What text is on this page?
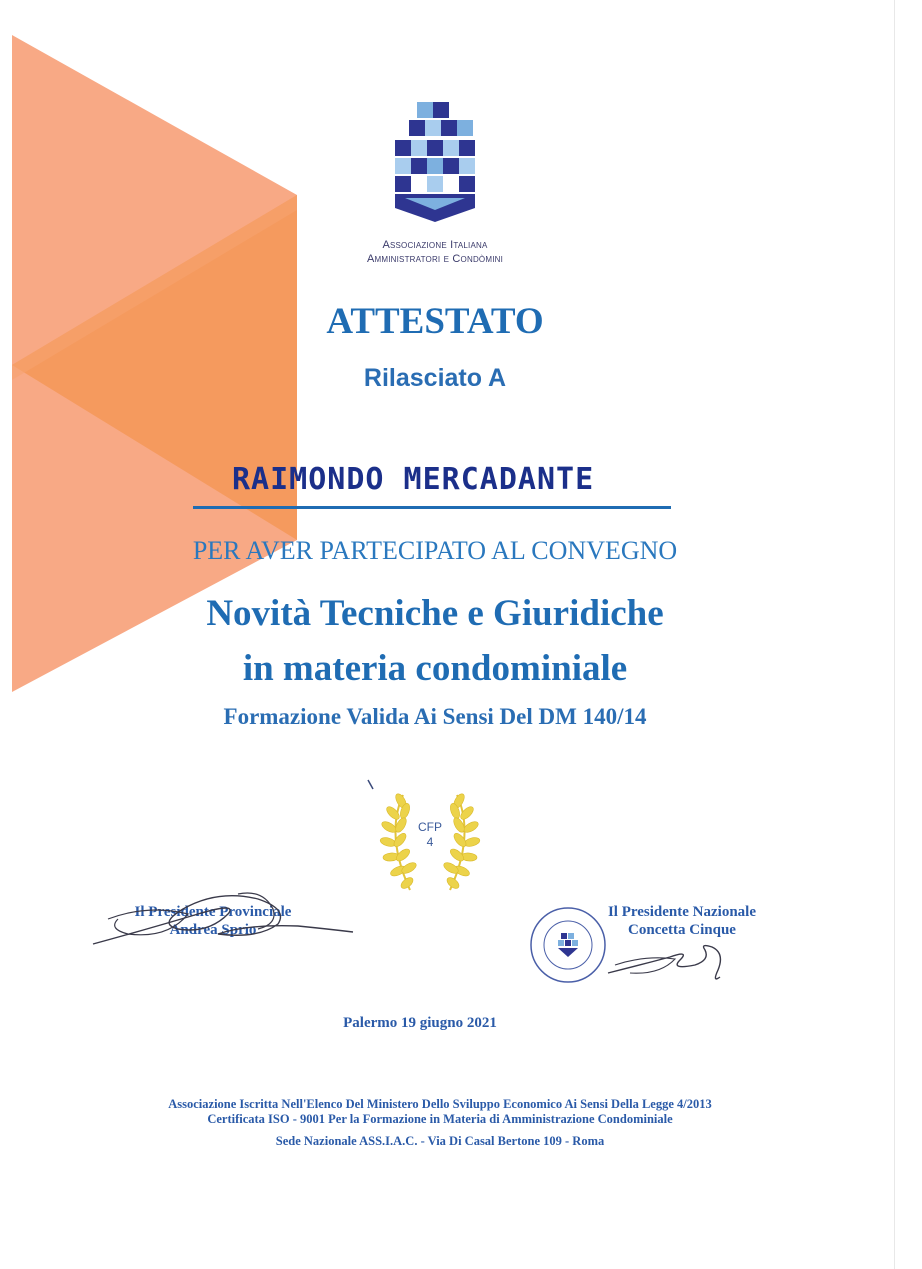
Associazione Italiana
Amministratori e Condòmini
ATTESTATO
Rilasciato A
RAIMONDO MERCADANTE
PER AVER PARTECIPATO AL CONVEGNO
Novità Tecniche e Giuridiche
in materia condominiale
Formazione Valida Ai Sensi Del DM 140/14
CFP
4
Il Presidente Provinciale
Andrea Sprio
Il Presidente Nazionale
Concetta Cinque
Palermo 19 giugno 2021
Associazione Iscritta Nell'Elenco Del Ministero Dello Sviluppo Economico Ai Sensi Della Legge 4/2013
Certificata ISO - 9001 Per la Formazione in Materia di Amministrazione Condominiale
Sede Nazionale ASS.I.A.C. - Via Di Casal Bertone 109 - Roma
